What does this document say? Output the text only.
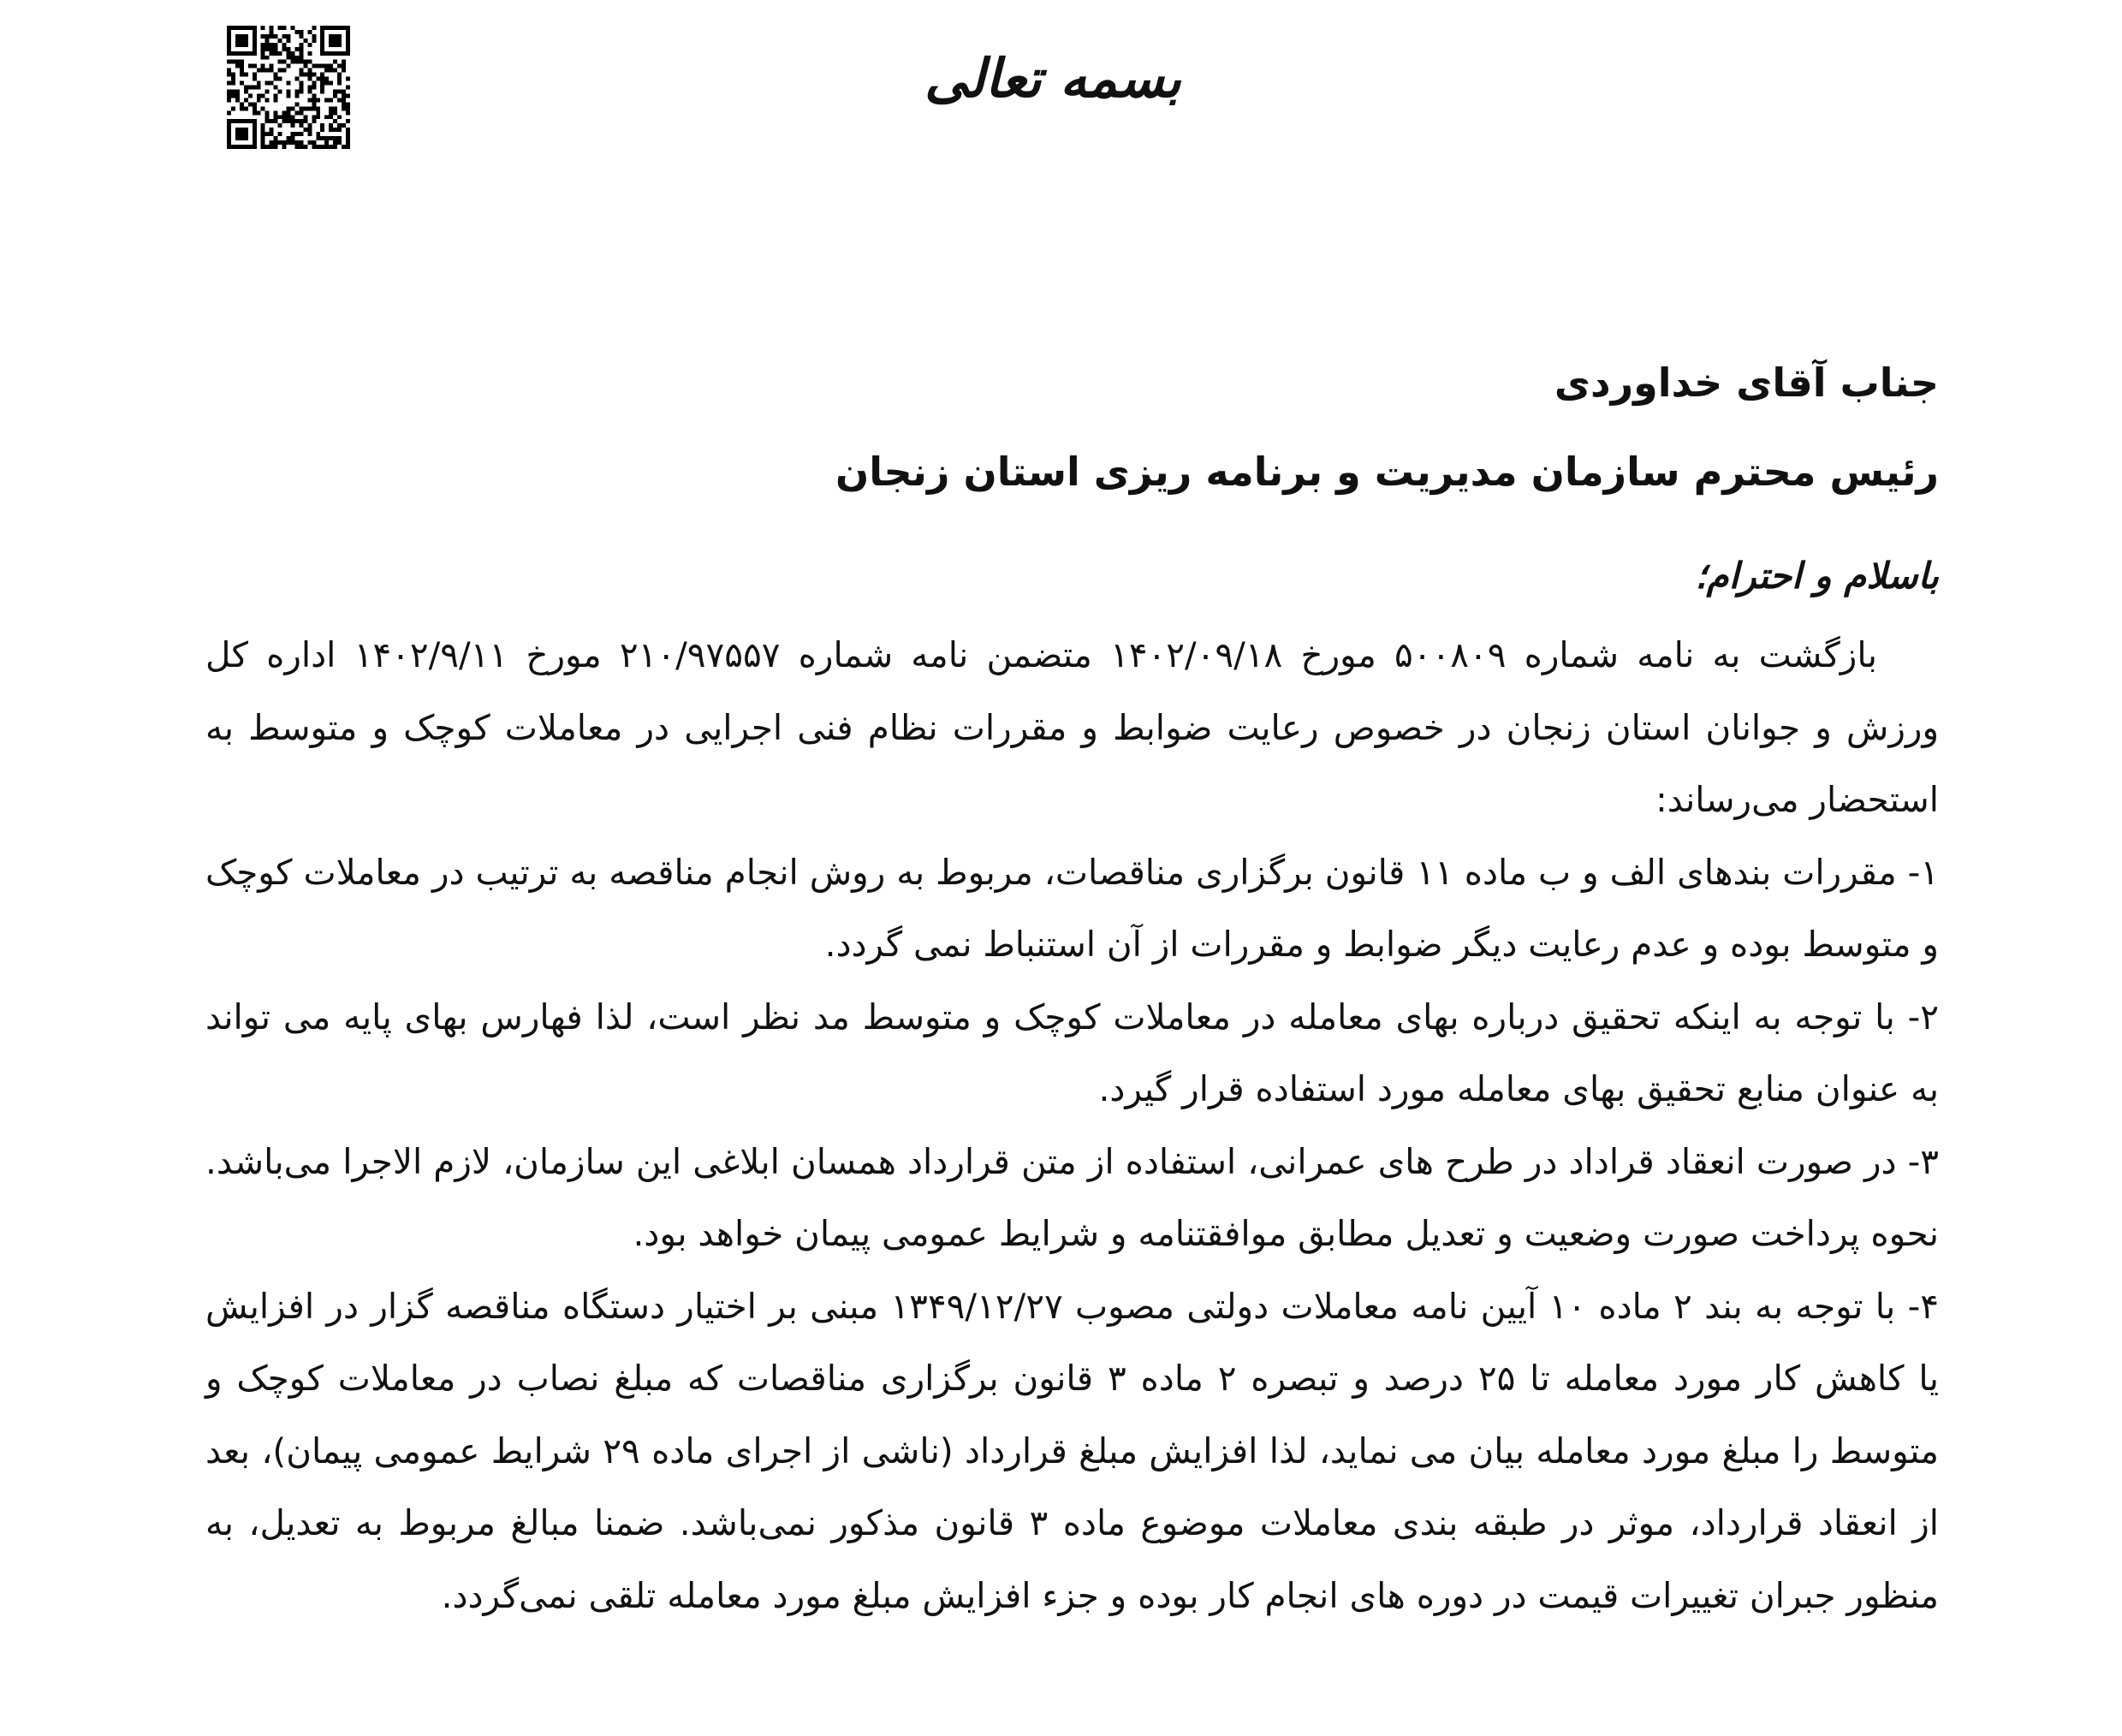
بسمه تعالی
جناب آقای خداوردی
رئیس محترم سازمان مدیریت و برنامه ریزی استان زنجان
باسلام و احترام؛

بازگشت به نامه شماره ۵۰۰۸۰۹ مورخ ۱۴۰۲/۰۹/۱۸ متضمن نامه شماره ۲۱۰/۹۷۵۵۷ مورخ ۱۴۰۲/۹/۱۱ اداره کل ورزش و جوانان استان زنجان در خصوص رعایت ضوابط و مقررات نظام فنی اجرایی در معاملات کوچک و متوسط به استحضار می‌رساند:

۱- مقررات بندهای الف و ب ماده ۱۱ قانون برگزاری مناقصات، مربوط به روش انجام مناقصه به ترتیب در معاملات کوچک و متوسط بوده و عدم رعایت دیگر ضوابط و مقررات از آن استنباط نمی گردد.

۲- با توجه به اینکه تحقیق درباره بهای معامله در معاملات کوچک و متوسط مد نظر است، لذا فهارس بهای پایه می تواند به عنوان منابع تحقیق بهای معامله مورد استفاده قرار گیرد.

۳- در صورت انعقاد قراداد در طرح های عمرانی، استفاده از متن قرارداد همسان ابلاغی این سازمان، لازم الاجرا می‌باشد. نحوه پرداخت صورت وضعیت و تعدیل مطابق موافقتنامه و شرایط عمومی پیمان خواهد بود.

۴- با توجه به بند ۲ ماده ۱۰ آیین نامه معاملات دولتی مصوب ۱۳۴۹/۱۲/۲۷ مبنی بر اختیار دستگاه مناقصه گزار در افزایش یا کاهش کار مورد معامله تا ۲۵ درصد و تبصره ۲ ماده ۳ قانون برگزاری مناقصات که مبلغ نصاب در معاملات کوچک و متوسط را مبلغ مورد معامله بیان می نماید، لذا افزایش مبلغ قرارداد (ناشی از اجرای ماده ۲۹ شرایط عمومی پیمان)، بعد از انعقاد قرارداد، موثر در طبقه بندی معاملات موضوع ماده ۳ قانون مذکور نمی‌باشد. ضمنا مبالغ مربوط به تعدیل، به منظور جبران تغییرات قیمت در دوره های انجام کار بوده و جزء افزایش مبلغ مورد معامله تلقی نمی‌گردد.
